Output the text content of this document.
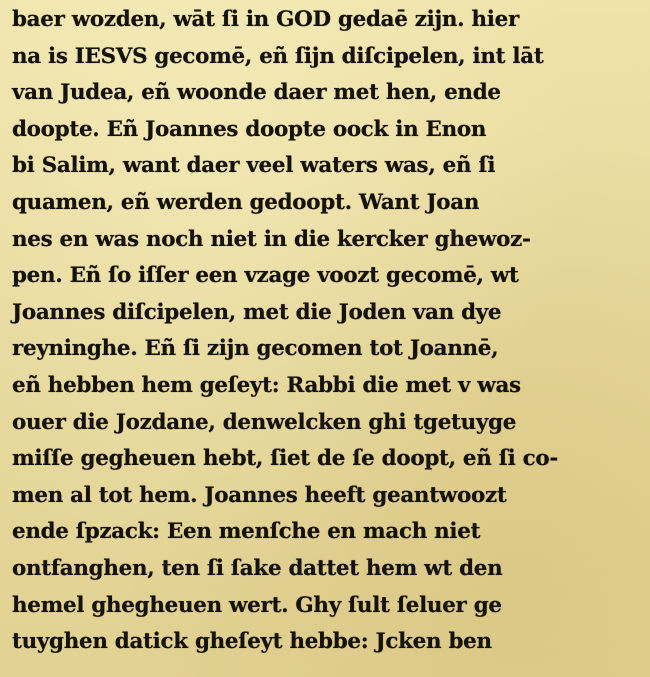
baer wozden, wāt ſi in GOD gedaē zijn. hier
na is IESVS gecomē, eñ ſijn diſcipelen, int lāt
van Judea, eñ woonde daer met hen, ende
doopte. Eñ Joannes doopte oock in Enon
bi Salim, want daer veel waters was, eñ ſi
quamen, eñ werden gedoopt. Want Joan
nes en was noch niet in die kercker ghewoz-
pen. Eñ ſo iſſer een vzage voozt gecomē, wt
Joannes diſcipelen, met die Joden van dye
reyninghe. Eñ ſi zijn gecomen tot Joannē,
eñ hebben hem geſeyt: Rabbi die met v was
ouer die Jozdane, denwelcken ghi tgetuyge
miſſe gegheuen hebt, ſiet de ſe doopt, eñ ſi co-
men al tot hem. Joannes heeft geantwoozt
ende ſpzack: Een menſche en mach niet
ontfanghen, ten ſi ſake dattet hem wt den
hemel ghegheuen wert. Ghy ſult ſeluer ge
tuyghen datick gheſeyt hebbe: Jcken ben
